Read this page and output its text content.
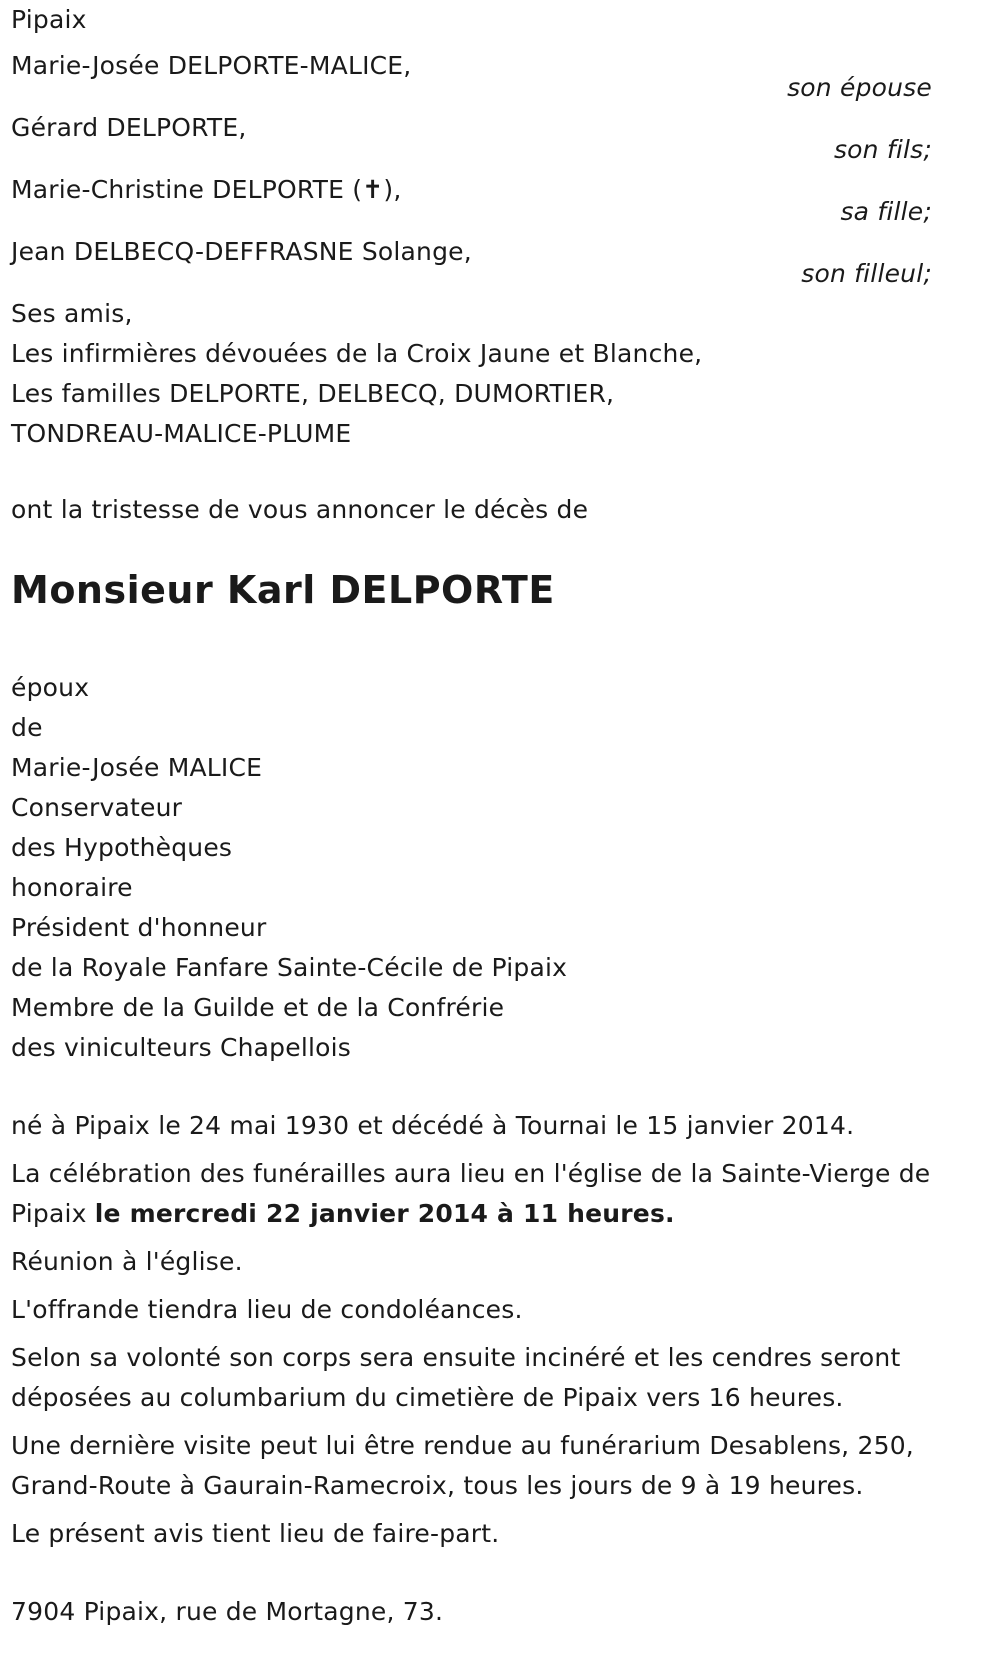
Pipaix
Marie-Josée DELPORTE-MALICE,
son épouse
Gérard DELPORTE,
son fils;
Marie-Christine DELPORTE (✝),
sa fille;
Jean DELBECQ-DEFFRASNE Solange,
son filleul;
Ses amis,
Les infirmières dévouées de la Croix Jaune et Blanche,
Les familles DELPORTE, DELBECQ, DUMORTIER,
TONDREAU-MALICE-PLUME
ont la tristesse de vous annoncer le décès de
Monsieur Karl DELPORTE
époux
de
Marie-Josée MALICE
Conservateur
des Hypothèques
honoraire
Président d'honneur
de la Royale Fanfare Sainte-Cécile de Pipaix
Membre de la Guilde et de la Confrérie
des viniculteurs Chapellois
né à Pipaix le 24 mai 1930 et décédé à Tournai le 15 janvier 2014.
La célébration des funérailles aura lieu en l'église de la Sainte-Vierge de Pipaix le mercredi 22 janvier 2014 à 11 heures.
Réunion à l'église.
L'offrande tiendra lieu de condoléances.
Selon sa volonté son corps sera ensuite incinéré et les cendres seront déposées au columbarium du cimetière de Pipaix vers 16 heures.
Une dernière visite peut lui être rendue au funérarium Desablens, 250, Grand-Route à Gaurain-Ramecroix, tous les jours de 9 à 19 heures.
Le présent avis tient lieu de faire-part.
7904 Pipaix, rue de Mortagne, 73.
